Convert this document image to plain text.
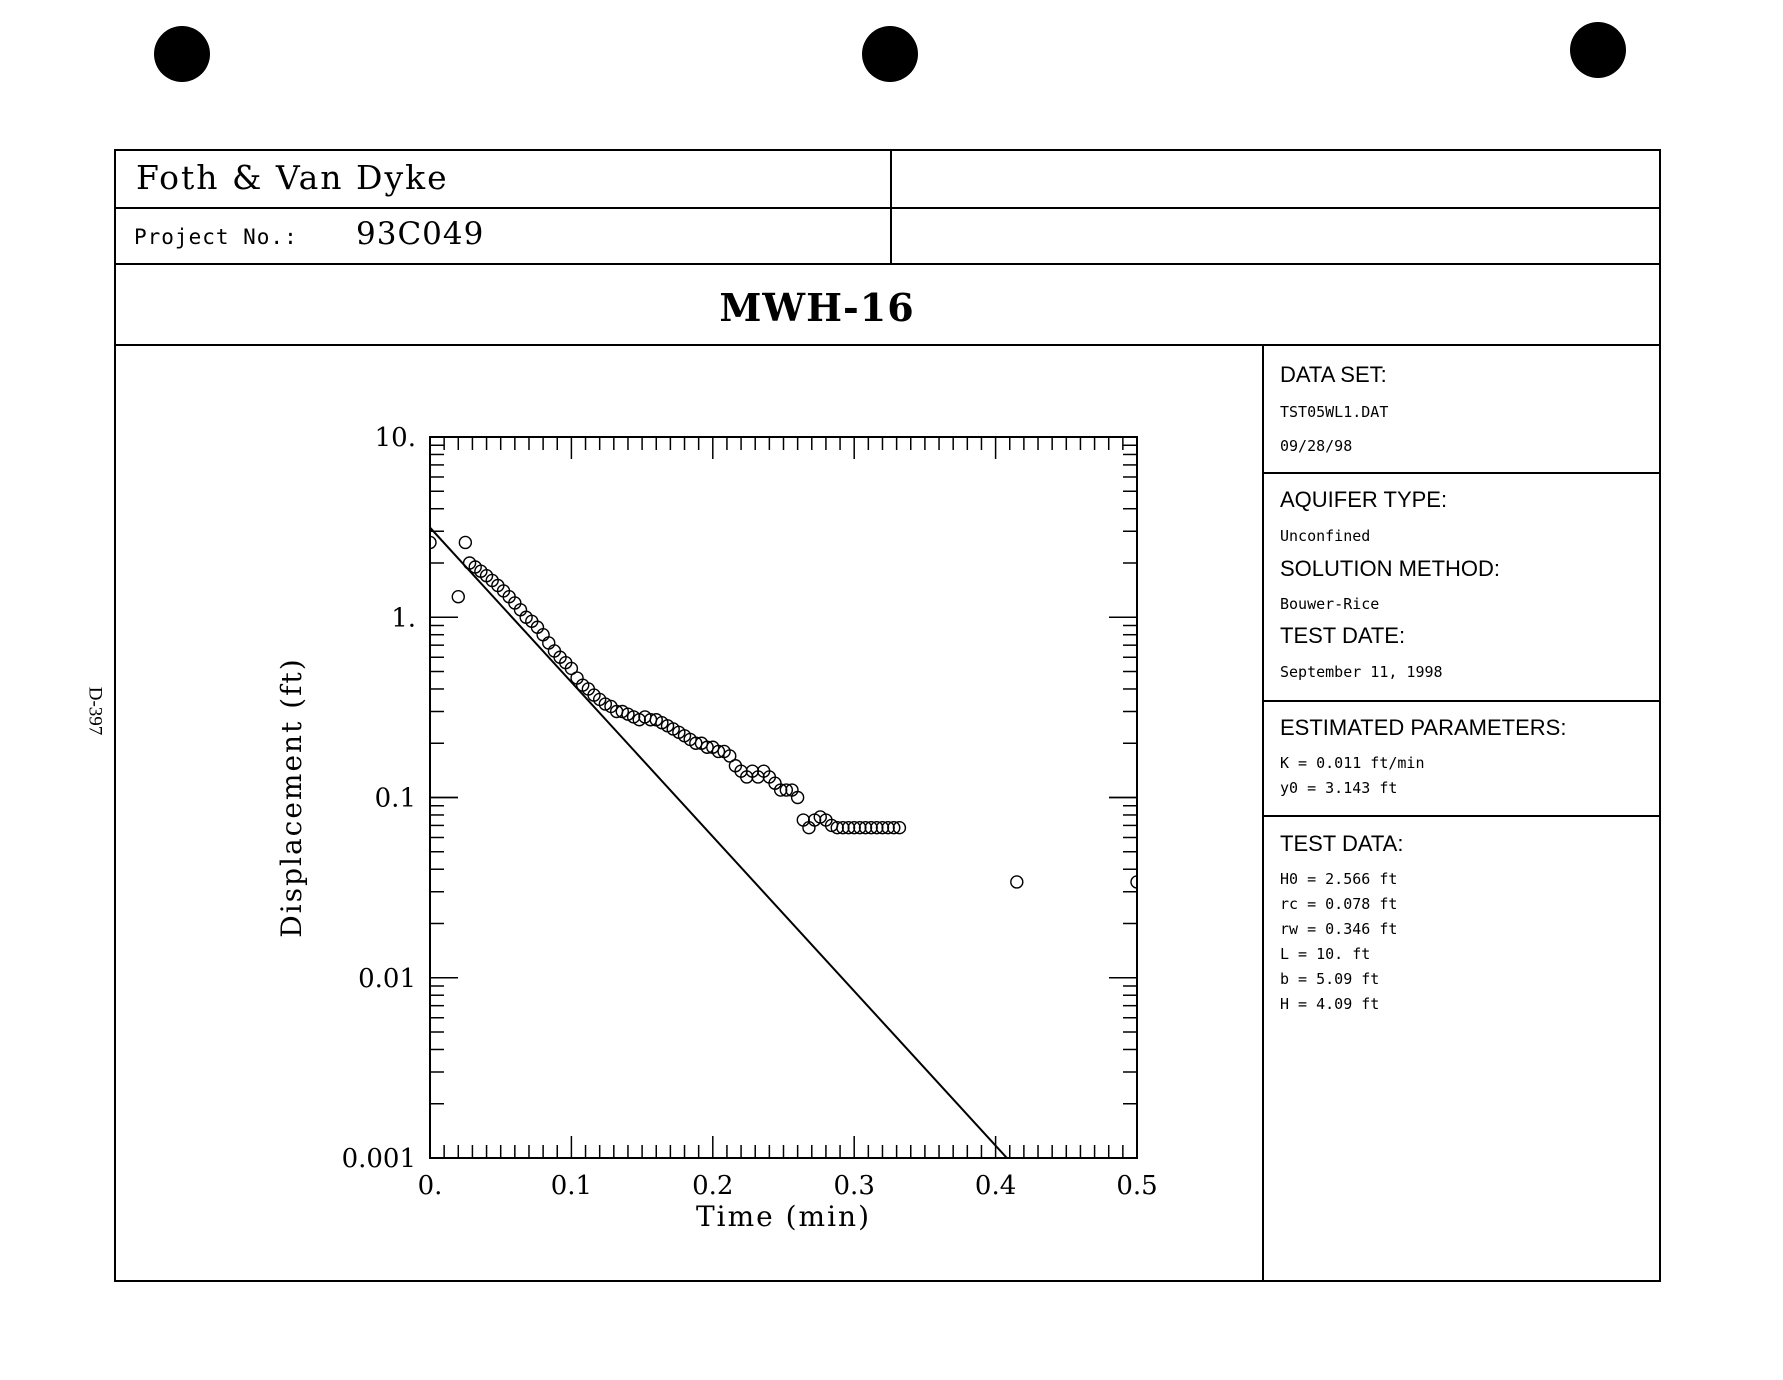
Foth & Van Dyke
Project No.: 93C049
MWH-16
D-397
DATA SET:
TST05WL1.DAT
09/28/98
AQUIFER TYPE:
Unconfined
SOLUTION METHOD:
Bouwer-Rice
TEST DATE:
September 11, 1998
ESTIMATED PARAMETERS:
K = 0.011 ft/min
y0 = 3.143 ft
TEST DATA:
H0 = 2.566 ft
rc = 0.078 ft
rw = 0.346 ft
L = 10. ft
b = 5.09 ft
H = 4.09 ft
0.	0.1	0.2	0.3	0.4	0.5
0.001
0.01
0.1
1.
10.
Time (min)
Displacement (ft)
